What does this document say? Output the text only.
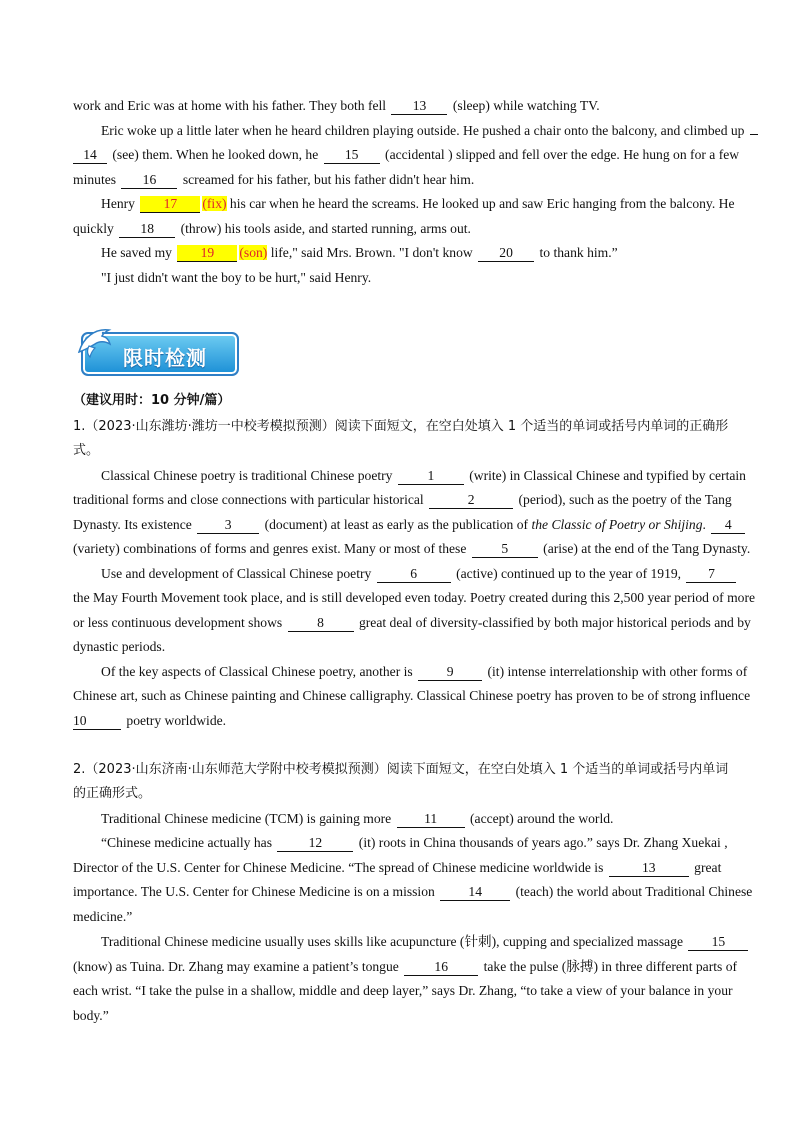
work and Eric was at home with his father. They both fell 13 (sleep) while watching TV.
Eric woke up a little later when he heard children playing outside. He pushed a chair onto the balcony, and climbed up
14 (see) them. When he looked down, he 15 (accidental ) slipped and fell over the edge. He hung on for a few
minutes 16 screamed for his father, but his father didn't hear him.
Henry 17 (fix) his car when he heard the screams. He looked up and saw Eric hanging from the balcony. He
quickly 18 (throw) his tools aside, and started running, arms out.
He saved my 19 (son) life," said Mrs. Brown. "I don't know 20 to thank him.”
"I just didn't want the boy to be hurt," said Henry.
限时检测
（建议用时：10 分钟/篇）
1.（2023·山东潍坊·潍坊一中校考模拟预测）阅读下面短文，在空白处填入 1 个适当的单词或括号内单词的正确形
式。
Classical Chinese poetry is traditional Chinese poetry 1 (write) in Classical Chinese and typified by certain
traditional forms and close connections with particular historical	2	(period), such as the poetry of the Tang
Dynasty. Its existence 3 (document) at least as early as the publication of the Classic of Poetry or Shijing. 4
(variety) combinations of forms and genres exist. Many or most of these 5 (arise) at the end of the Tang Dynasty.
Use and development of Classical Chinese poetry	6	(active) continued up to the year of 1919, 7
the May Fourth Movement took place, and is still developed even today. Poetry created during this 2,500 year period of more
or less continuous development shows 8 great deal of diversity-classified by both major historical periods and by
dynastic periods.
Of the key aspects of Classical Chinese poetry, another is 9 (it) intense interrelationship with other forms of
Chinese art, such as Chinese painting and Chinese calligraphy. Classical Chinese poetry has proven to be of strong influence
10	poetry worldwide.
2.（2023·山东济南·山东师范大学附中校考模拟预测）阅读下面短文，在空白处填入 1 个适当的单词或括号内单词
的正确形式。
Traditional Chinese medicine (TCM) is gaining more 11 (accept) around the world.
“Chinese medicine actually has 12 (it) roots in China thousands of years ago.” says Dr. Zhang Xuekai ,
Director of the U.S. Center for Chinese Medicine. “The spread of Chinese medicine worldwide is	13	great
importance. The U.S. Center for Chinese Medicine is on a mission 14 (teach) the world about Traditional Chinese
medicine.”
Traditional Chinese medicine usually uses skills like acupuncture (针刺), cupping and specialized massage 15
(know) as Tuina. Dr. Zhang may examine a patient’s tongue 16 take the pulse (脉搏) in three different parts of
each wrist. “I take the pulse in a shallow, middle and deep layer,” says Dr. Zhang, “to take a view of your balance in your
body.”
